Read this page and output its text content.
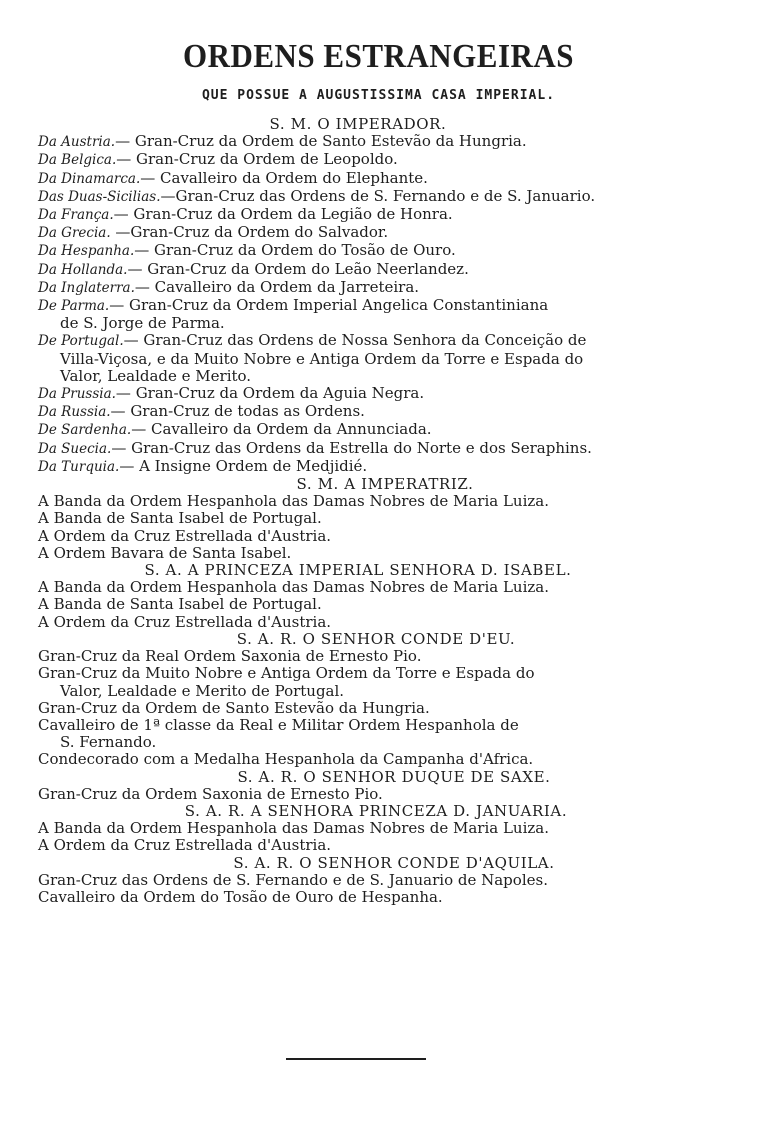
ORDENS ESTRANGEIRAS
QUE POSSUE A AUGUSTISSIMA CASA IMPERIAL.
S. M. O IMPERADOR.
Da Austria.— Gran-Cruz da Ordem de Santo Estevão da Hungria.
Da Belgica.— Gran-Cruz da Ordem de Leopoldo.
Da Dinamarca.— Cavalleiro da Ordem do Elephante.
Das Duas-Sicilias.—Gran-Cruz das Ordens de S. Fernando e de S. Januario.
Da França.— Gran-Cruz da Ordem da Legião de Honra.
Da Grecia. —Gran-Cruz da Ordem do Salvador.
Da Hespanha.— Gran-Cruz da Ordem do Tosão de Ouro.
Da Hollanda.— Gran-Cruz da Ordem do Leão Neerlandez.
Da Inglaterra.— Cavalleiro da Ordem da Jarreteira.
De Parma.— Gran-Cruz da Ordem Imperial Angelica Constantiniana
de S. Jorge de Parma.
De Portugal.— Gran-Cruz das Ordens de Nossa Senhora da Conceição de
Villa-Viçosa, e da Muito Nobre e Antiga Ordem da Torre e Espada do
Valor, Lealdade e Merito.
Da Prussia.— Gran-Cruz da Ordem da Aguia Negra.
Da Russia.— Gran-Cruz de todas as Ordens.
De Sardenha.— Cavalleiro da Ordem da Annunciada.
Da Suecia.— Gran-Cruz das Ordens da Estrella do Norte e dos Seraphins.
Da Turquia.— A Insigne Ordem de Medjidié.
S. M. A IMPERATRIZ.
A Banda da Ordem Hespanhola das Damas Nobres de Maria Luiza.
A Banda de Santa Isabel de Portugal.
A Ordem da Cruz Estrellada d'Austria.
A Ordem Bavara de Santa Isabel.
S. A. A PRINCEZA IMPERIAL SENHORA D. ISABEL.
A Banda da Ordem Hespanhola das Damas Nobres de Maria Luiza.
A Banda de Santa Isabel de Portugal.
A Ordem da Cruz Estrellada d'Austria.
S. A. R. O SENHOR CONDE D'EU.
Gran-Cruz da Real Ordem Saxonia de Ernesto Pio.
Gran-Cruz da Muito Nobre e Antiga Ordem da Torre e Espada do
Valor, Lealdade e Merito de Portugal.
Gran-Cruz da Ordem de Santo Estevão da Hungria.
Cavalleiro de 1ª classe da Real e Militar Ordem Hespanhola de
S. Fernando.
Condecorado com a Medalha Hespanhola da Campanha d'Africa.
S. A. R. O SENHOR DUQUE DE SAXE.
Gran-Cruz da Ordem Saxonia de Ernesto Pio.
S. A. R. A SENHORA PRINCEZA D. JANUARIA.
A Banda da Ordem Hespanhola das Damas Nobres de Maria Luiza.
A Ordem da Cruz Estrellada d'Austria.
S. A. R. O SENHOR CONDE D'AQUILA.
Gran-Cruz das Ordens de S. Fernando e de S. Januario de Napoles.
Cavalleiro da Ordem do Tosão de Ouro de Hespanha.
